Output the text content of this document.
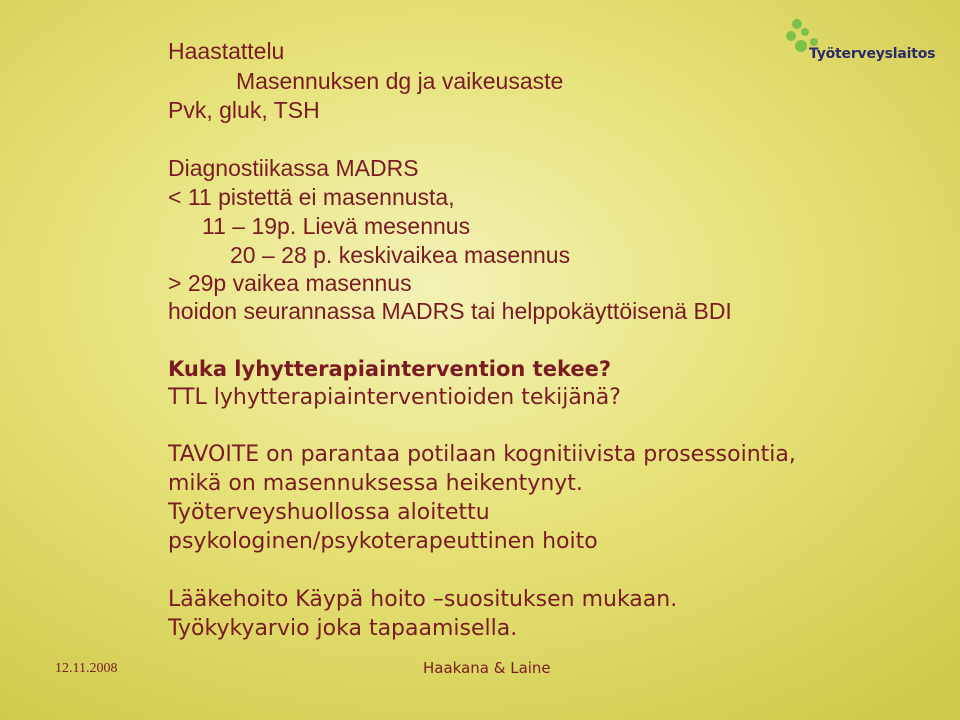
Työterveyslaitos
Haastattelu
Masennuksen dg ja vaikeusaste
Pvk, gluk, TSH
Diagnostiikassa MADRS
< 11 pistettä ei masennusta,
11 – 19p. Lievä mesennus
20 – 28 p. keskivaikea masennus
> 29p vaikea masennus
hoidon seurannassa MADRS tai helppokäyttöisenä BDI
Kuka lyhytterapiaintervention tekee?
TTL lyhytterapiainterventioiden tekijänä?
TAVOITE on parantaa potilaan kognitiivista prosessointia,
mikä on masennuksessa heikentynyt.
Työterveyshuollossa aloitettu
psykologinen/psykoterapeuttinen hoito
Lääkehoito Käypä hoito –suosituksen mukaan.
Työkykyarvio joka tapaamisella.
12.11.2008	Haakana & Laine
